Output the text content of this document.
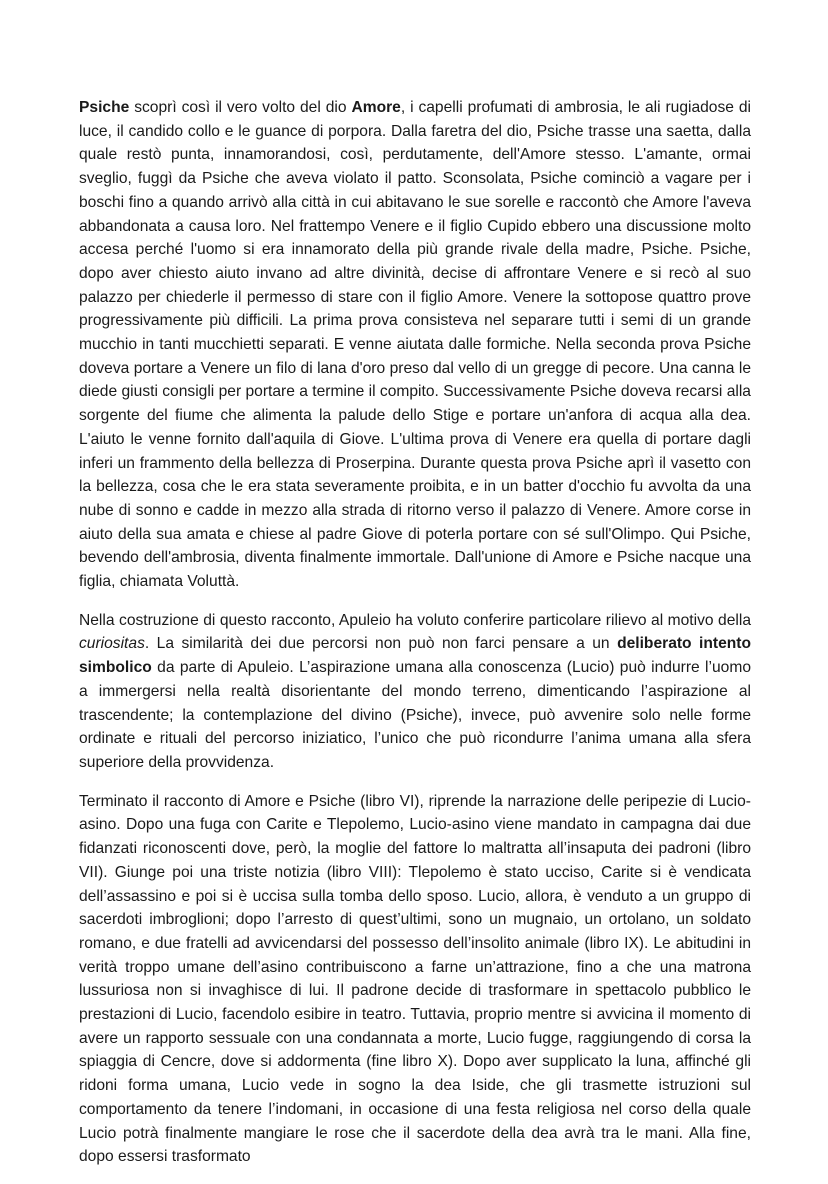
Psiche scoprì così il vero volto del dio Amore, i capelli profumati di ambrosia, le ali rugiadose di luce, il candido collo e le guance di porpora. Dalla faretra del dio, Psiche trasse una saetta, dalla quale restò punta, innamorandosi, così, perdutamente, dell'Amore stesso. L'amante, ormai sveglio, fuggì da Psiche che aveva violato il patto. Sconsolata, Psiche cominciò a vagare per i boschi fino a quando arrivò alla città in cui abitavano le sue sorelle e raccontò che Amore l'aveva abbandonata a causa loro. Nel frattempo Venere e il figlio Cupido ebbero una discussione molto accesa perché l'uomo si era innamorato della più grande rivale della madre, Psiche. Psiche, dopo aver chiesto aiuto invano ad altre divinità, decise di affrontare Venere e si recò al suo palazzo per chiederle il permesso di stare con il figlio Amore. Venere la sottopose quattro prove progressivamente più difficili. La prima prova consisteva nel separare tutti i semi di un grande mucchio in tanti mucchietti separati. E venne aiutata dalle formiche. Nella seconda prova Psiche doveva portare a Venere un filo di lana d'oro preso dal vello di un gregge di pecore. Una canna le diede giusti consigli per portare a termine il compito. Successivamente Psiche doveva recarsi alla sorgente del fiume che alimenta la palude dello Stige e portare un'anfora di acqua alla dea. L'aiuto le venne fornito dall'aquila di Giove. L'ultima prova di Venere era quella di portare dagli inferi un frammento della bellezza di Proserpina. Durante questa prova Psiche aprì il vasetto con la bellezza, cosa che le era stata severamente proibita, e in un batter d'occhio fu avvolta da una nube di sonno e cadde in mezzo alla strada di ritorno verso il palazzo di Venere. Amore corse in aiuto della sua amata e chiese al padre Giove di poterla portare con sé sull'Olimpo. Qui Psiche, bevendo dell'ambrosia, diventa finalmente immortale. Dall'unione di Amore e Psiche nacque una figlia, chiamata Voluttà.

Nella costruzione di questo racconto, Apuleio ha voluto conferire particolare rilievo al motivo della curiositas. La similarità dei due percorsi non può non farci pensare a un deliberato intento simbolico da parte di Apuleio. L’aspirazione umana alla conoscenza (Lucio) può indurre l’uomo a immergersi nella realtà disorientante del mondo terreno, dimenticando l’aspirazione al trascendente; la contemplazione del divino (Psiche), invece, può avvenire solo nelle forme ordinate e rituali del percorso iniziatico, l’unico che può ricondurre l’anima umana alla sfera superiore della provvidenza.

Terminato il racconto di Amore e Psiche (libro VI), riprende la narrazione delle peripezie di Lucio-asino. Dopo una fuga con Carite e Tlepolemo, Lucio-asino viene mandato in campagna dai due fidanzati riconoscenti dove, però, la moglie del fattore lo maltratta all’insaputa dei padroni (libro VII). Giunge poi una triste notizia (libro VIII): Tlepolemo è stato ucciso, Carite si è vendicata dell’assassino e poi si è uccisa sulla tomba dello sposo. Lucio, allora, è venduto a un gruppo di sacerdoti imbroglioni; dopo l’arresto di quest’ultimi, sono un mugnaio, un ortolano, un soldato romano, e due fratelli ad avvicendarsi del possesso dell’insolito animale (libro IX). Le abitudini in verità troppo umane dell’asino contribuiscono a farne un’attrazione, fino a che una matrona lussuriosa non si invaghisce di lui. Il padrone decide di trasformare in spettacolo pubblico le prestazioni di Lucio, facendolo esibire in teatro. Tuttavia, proprio mentre si avvicina il momento di avere un rapporto sessuale con una condannata a morte, Lucio fugge, raggiungendo di corsa la spiaggia di Cencre, dove si addormenta (fine libro X). Dopo aver supplicato la luna, affinché gli ridoni forma umana, Lucio vede in sogno la dea Iside, che gli trasmette istruzioni sul comportamento da tenere l’indomani, in occasione di una festa religiosa nel corso della quale Lucio potrà finalmente mangiare le rose che il sacerdote della dea avrà tra le mani. Alla fine, dopo essersi trasformato
